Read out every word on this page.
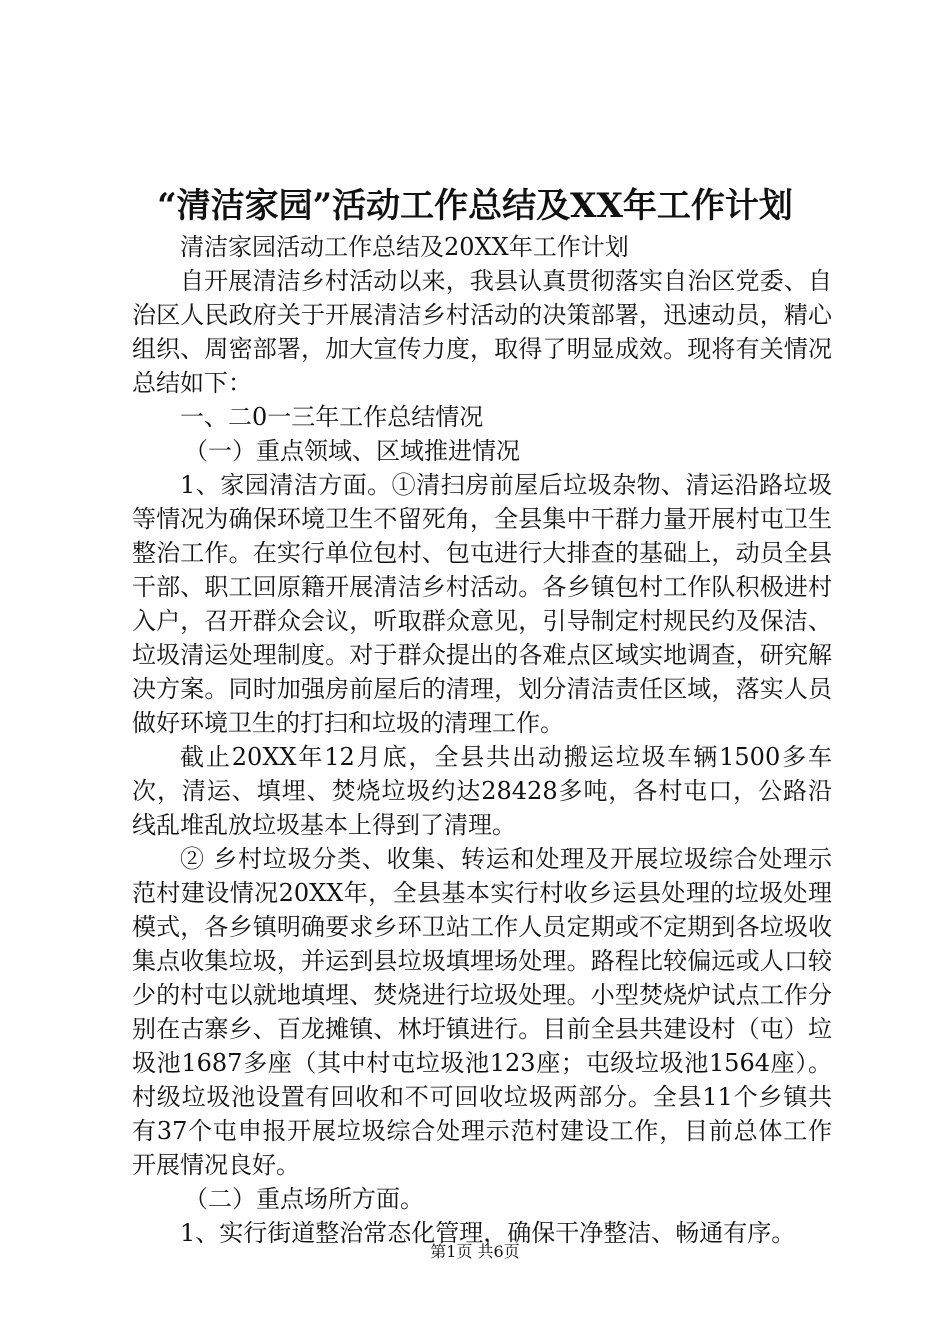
“清洁家园”活动工作总结及XX年工作计划

清洁家园活动工作总结及20XX年工作计划

自开展清洁乡村活动以来，我县认真贯彻落实自治区党委、自治区人民政府关于开展清洁乡村活动的决策部署，迅速动员，精心组织、周密部署，加大宣传力度，取得了明显成效。现将有关情况总结如下：

一、二0一三年工作总结情况

（一）重点领域、区域推进情况

1、家园清洁方面。①清扫房前屋后垃圾杂物、清运沿路垃圾等情况为确保环境卫生不留死角，全县集中干群力量开展村屯卫生整治工作。在实行单位包村、包屯进行大排查的基础上，动员全县干部、职工回原籍开展清洁乡村活动。各乡镇包村工作队积极进村入户，召开群众会议，听取群众意见，引导制定村规民约及保洁、垃圾清运处理制度。对于群众提出的各难点区域实地调查，研究解决方案。同时加强房前屋后的清理，划分清洁责任区域，落实人员做好环境卫生的打扫和垃圾的清理工作。

截止20XX年12月底，全县共出动搬运垃圾车辆1500多车次，清运、填埋、焚烧垃圾约达28428多吨，各村屯口，公路沿线乱堆乱放垃圾基本上得到了清理。

② 乡村垃圾分类、收集、转运和处理及开展垃圾综合处理示范村建设情况20XX年，全县基本实行村收乡运县处理的垃圾处理模式，各乡镇明确要求乡环卫站工作人员定期或不定期到各垃圾收集点收集垃圾，并运到县垃圾填埋场处理。路程比较偏远或人口较少的村屯以就地填埋、焚烧进行垃圾处理。小型焚烧炉试点工作分别在古寨乡、百龙摊镇、林圩镇进行。目前全县共建设村（屯）垃圾池1687多座（其中村屯垃圾池123座；屯级垃圾池1564座）。村级垃圾池设置有回收和不可回收垃圾两部分。全县11个乡镇共有37个屯申报开展垃圾综合处理示范村建设工作，目前总体工作开展情况良好。

（二）重点场所方面。

1、实行街道整治常态化管理，确保干净整洁、畅通有序。

第1页 共6页
